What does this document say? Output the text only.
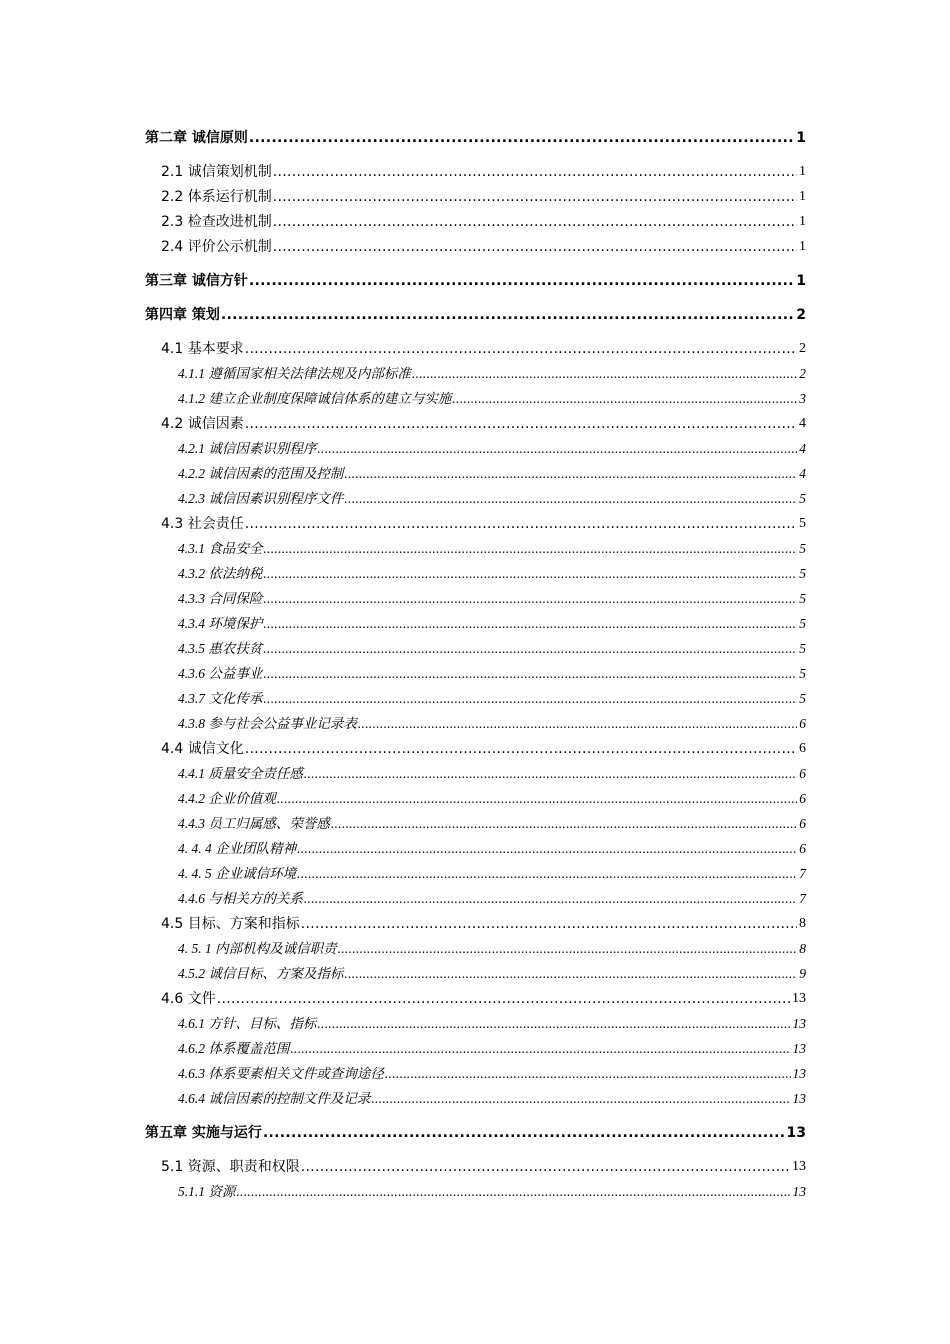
第二章 诚信原则 .....	1
2.1 诚信策划机制 .....	1
2.2 体系运行机制 .....	1
2.3 检查改进机制 .....	1
2.4 评价公示机制 .....	1
第三章 诚信方针 .....	1
第四章 策划 .....	2
4.1 基本要求 .....	2
4.1.1 遵循国家相关法律法规及内部标准 .....	2
4.1.2 建立企业制度保障诚信体系的建立与实施 .....	3
4.2 诚信因素 .....	4
4.2.1 诚信因素识别程序 .....	4
4.2.2 诚信因素的范围及控制 .....	4
4.2.3 诚信因素识别程序文件 .....	5
4.3 社会责任 .....	5
4.3.1 食品安全 .....	5
4.3.2 依法纳税 .....	5
4.3.3 合同保险 .....	5
4.3.4 环境保护 .....	5
4.3.5 惠农扶贫 .....	5
4.3.6 公益事业 .....	5
4.3.7 文化传承 .....	5
4.3.8 参与社会公益事业记录表 .....	6
4.4 诚信文化 .....	6
4.4.1 质量安全责任感 .....	6
4.4.2 企业价值观 .....	6
4.4.3 员工归属感、荣誉感 .....	6
4. 4. 4 企业团队精神 .....	6
4. 4. 5 企业诚信环境 .....	7
4.4.6 与相关方的关系 .....	7
4.5 目标、方案和指标 .....	8
4. 5. 1 内部机构及诚信职责 .....	8
4.5.2 诚信目标、方案及指标 .....	9
4.6 文件 .....	13
4.6.1 方针、目标、指标 .....	13
4.6.2 体系覆盖范围 .....	13
4.6.3 体系要素相关文件或查询途径 .....	13
4.6.4 诚信因素的控制文件及记录 .....	13
第五章 实施与运行 .....	13
5.1 资源、职责和权限 .....	13
5.1.1 资源 .....	13
